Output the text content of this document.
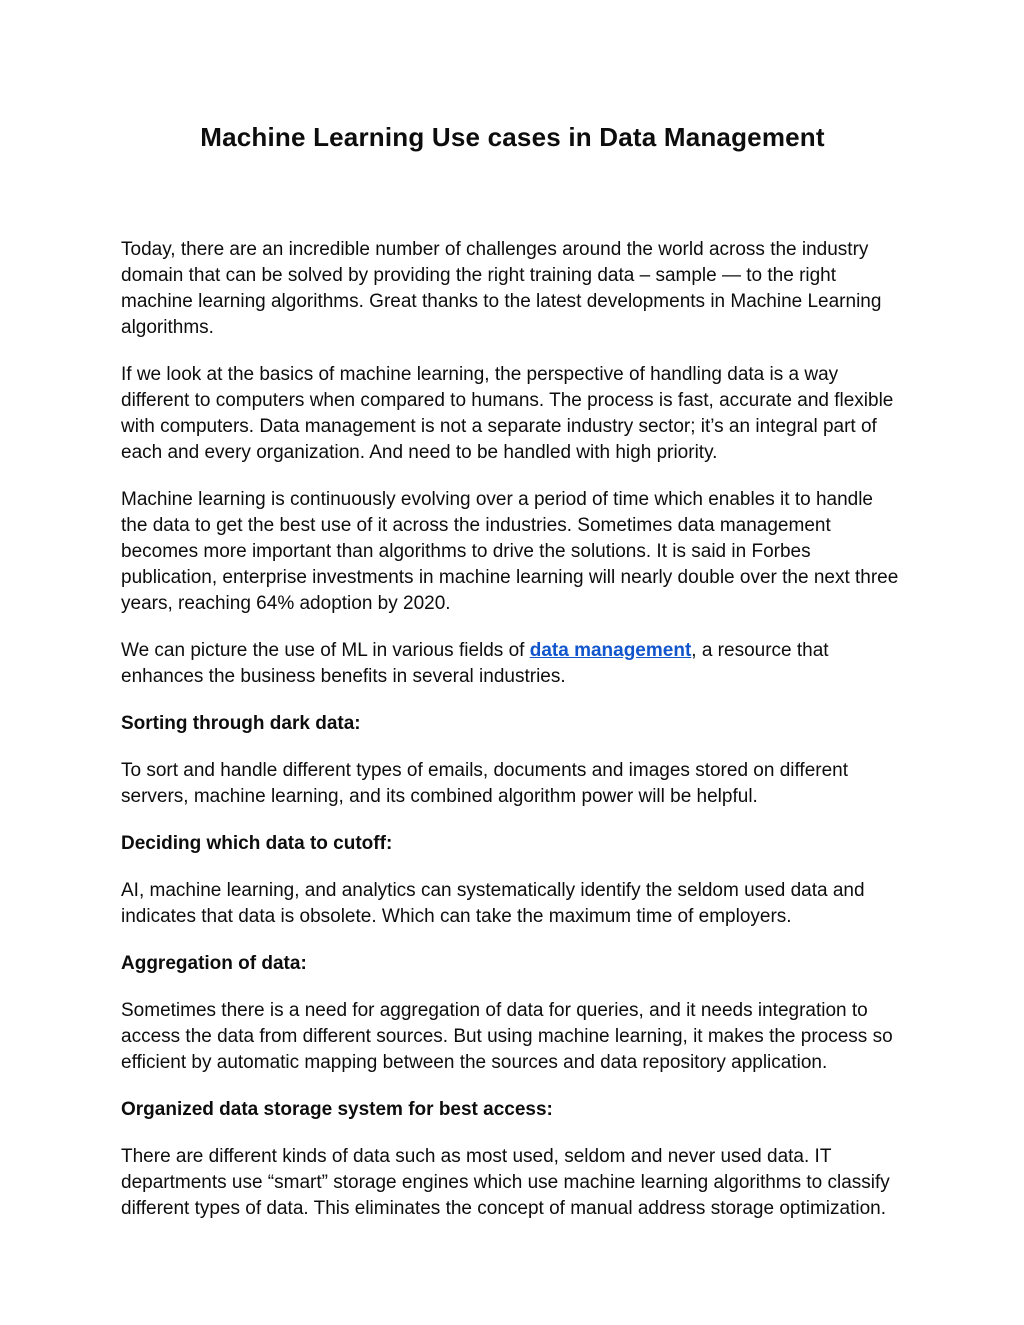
Machine Learning Use cases in Data Management

Today, there are an incredible number of challenges around the world across the industry domain that can be solved by providing the right training data – sample — to the right machine learning algorithms. Great thanks to the latest developments in Machine Learning algorithms.

If we look at the basics of machine learning, the perspective of handling data is a way different to computers when compared to humans. The process is fast, accurate and flexible with computers. Data management is not a separate industry sector; it’s an integral part of each and every organization. And need to be handled with high priority.

Machine learning is continuously evolving over a period of time which enables it to handle the data to get the best use of it across the industries. Sometimes data management becomes more important than algorithms to drive the solutions. It is said in Forbes publication, enterprise investments in machine learning will nearly double over the next three years, reaching 64% adoption by 2020.

We can picture the use of ML in various fields of data management, a resource that enhances the business benefits in several industries.

Sorting through dark data:

To sort and handle different types of emails, documents and images stored on different servers, machine learning, and its combined algorithm power will be helpful.

Deciding which data to cutoff:

AI, machine learning, and analytics can systematically identify the seldom used data and indicates that data is obsolete. Which can take the maximum time of employers.

Aggregation of data:

Sometimes there is a need for aggregation of data for queries, and it needs integration to access the data from different sources. But using machine learning, it makes the process so efficient by automatic mapping between the sources and data repository application.

Organized data storage system for best access:

There are different kinds of data such as most used, seldom and never used data. IT departments use “smart” storage engines which use machine learning algorithms to classify different types of data. This eliminates the concept of manual address storage optimization.
